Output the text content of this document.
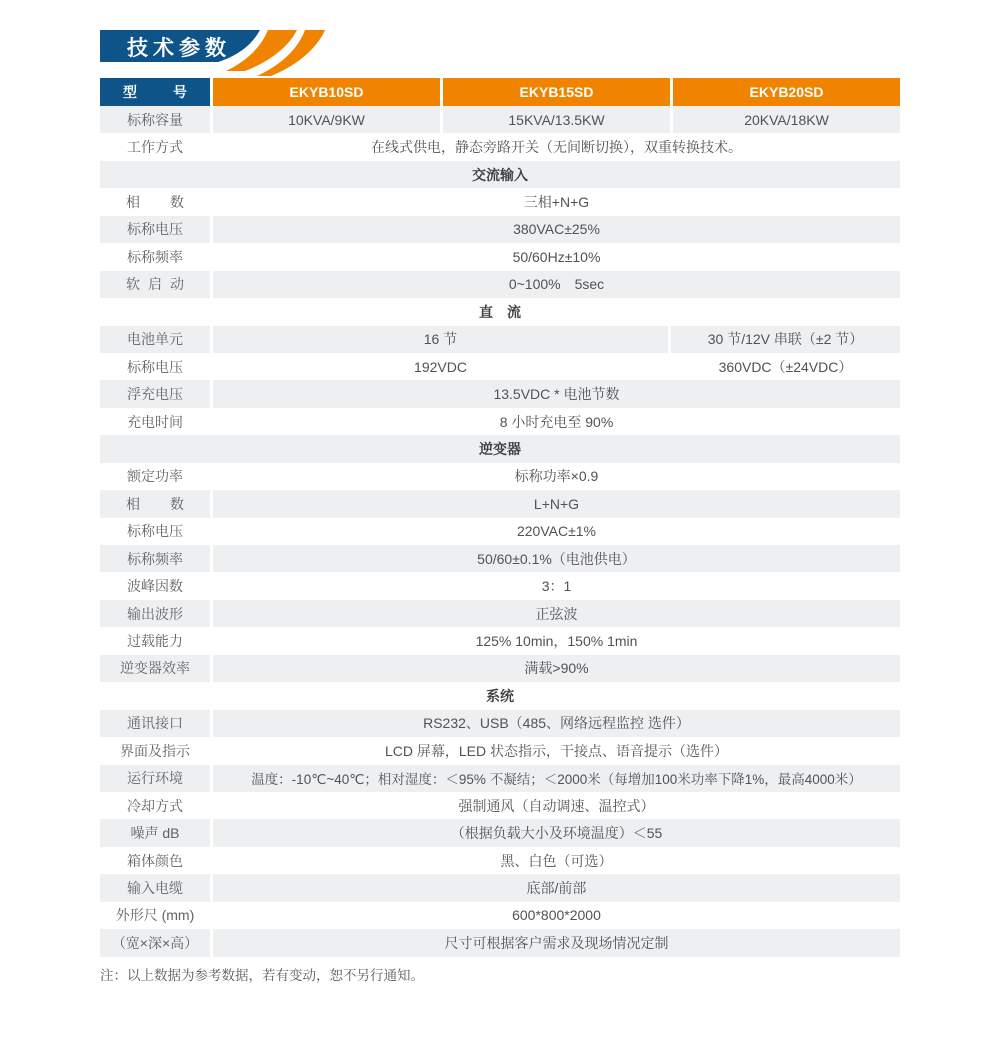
技术参数
型号	EKYB10SD	EKYB15SD	EKYB20SD
标称容量	10KVA/9KW	15KVA/13.5KW	20KVA/18KW
工作方式	在线式供电，静态旁路开关（无间断切换），双重转换技术。
交流输入
相数	三相+N+G
标称电压	380VAC±25%
标称频率	50/60Hz±10%
软启动	0~100%　5sec
直　流
电池单元	16 节	30 节/12V 串联（±2 节）
标称电压	192VDC	360VDC（±24VDC）
浮充电压	13.5VDC * 电池节数
充电时间	8 小时充电至 90%
逆变器
额定功率	标称功率×0.9
相数	L+N+G
标称电压	220VAC±1%
标称频率	50/60±0.1%（电池供电）
波峰因数	3：1
输出波形	正弦波
过载能力	125% 10min，150% 1min
逆变器效率	满载>90%
系统
通讯接口	RS232、USB（485、网络远程监控 选件）
界面及指示	LCD 屏幕，LED 状态指示，干接点、语音提示（选件）
运行环境	温度：-10℃~40℃；相对湿度：＜95% 不凝结；＜2000米（每增加100米功率下降1%，最高4000米）
冷却方式	强制通风（自动调速、温控式）
噪声 dB	（根据负载大小及环境温度）＜55
箱体颜色	黑、白色（可选）
输入电缆	底部/前部
外形尺 (mm)	600*800*2000
（宽×深×高）	尺寸可根据客户需求及现场情况定制
注：以上数据为参考数据，若有变动，恕不另行通知。
